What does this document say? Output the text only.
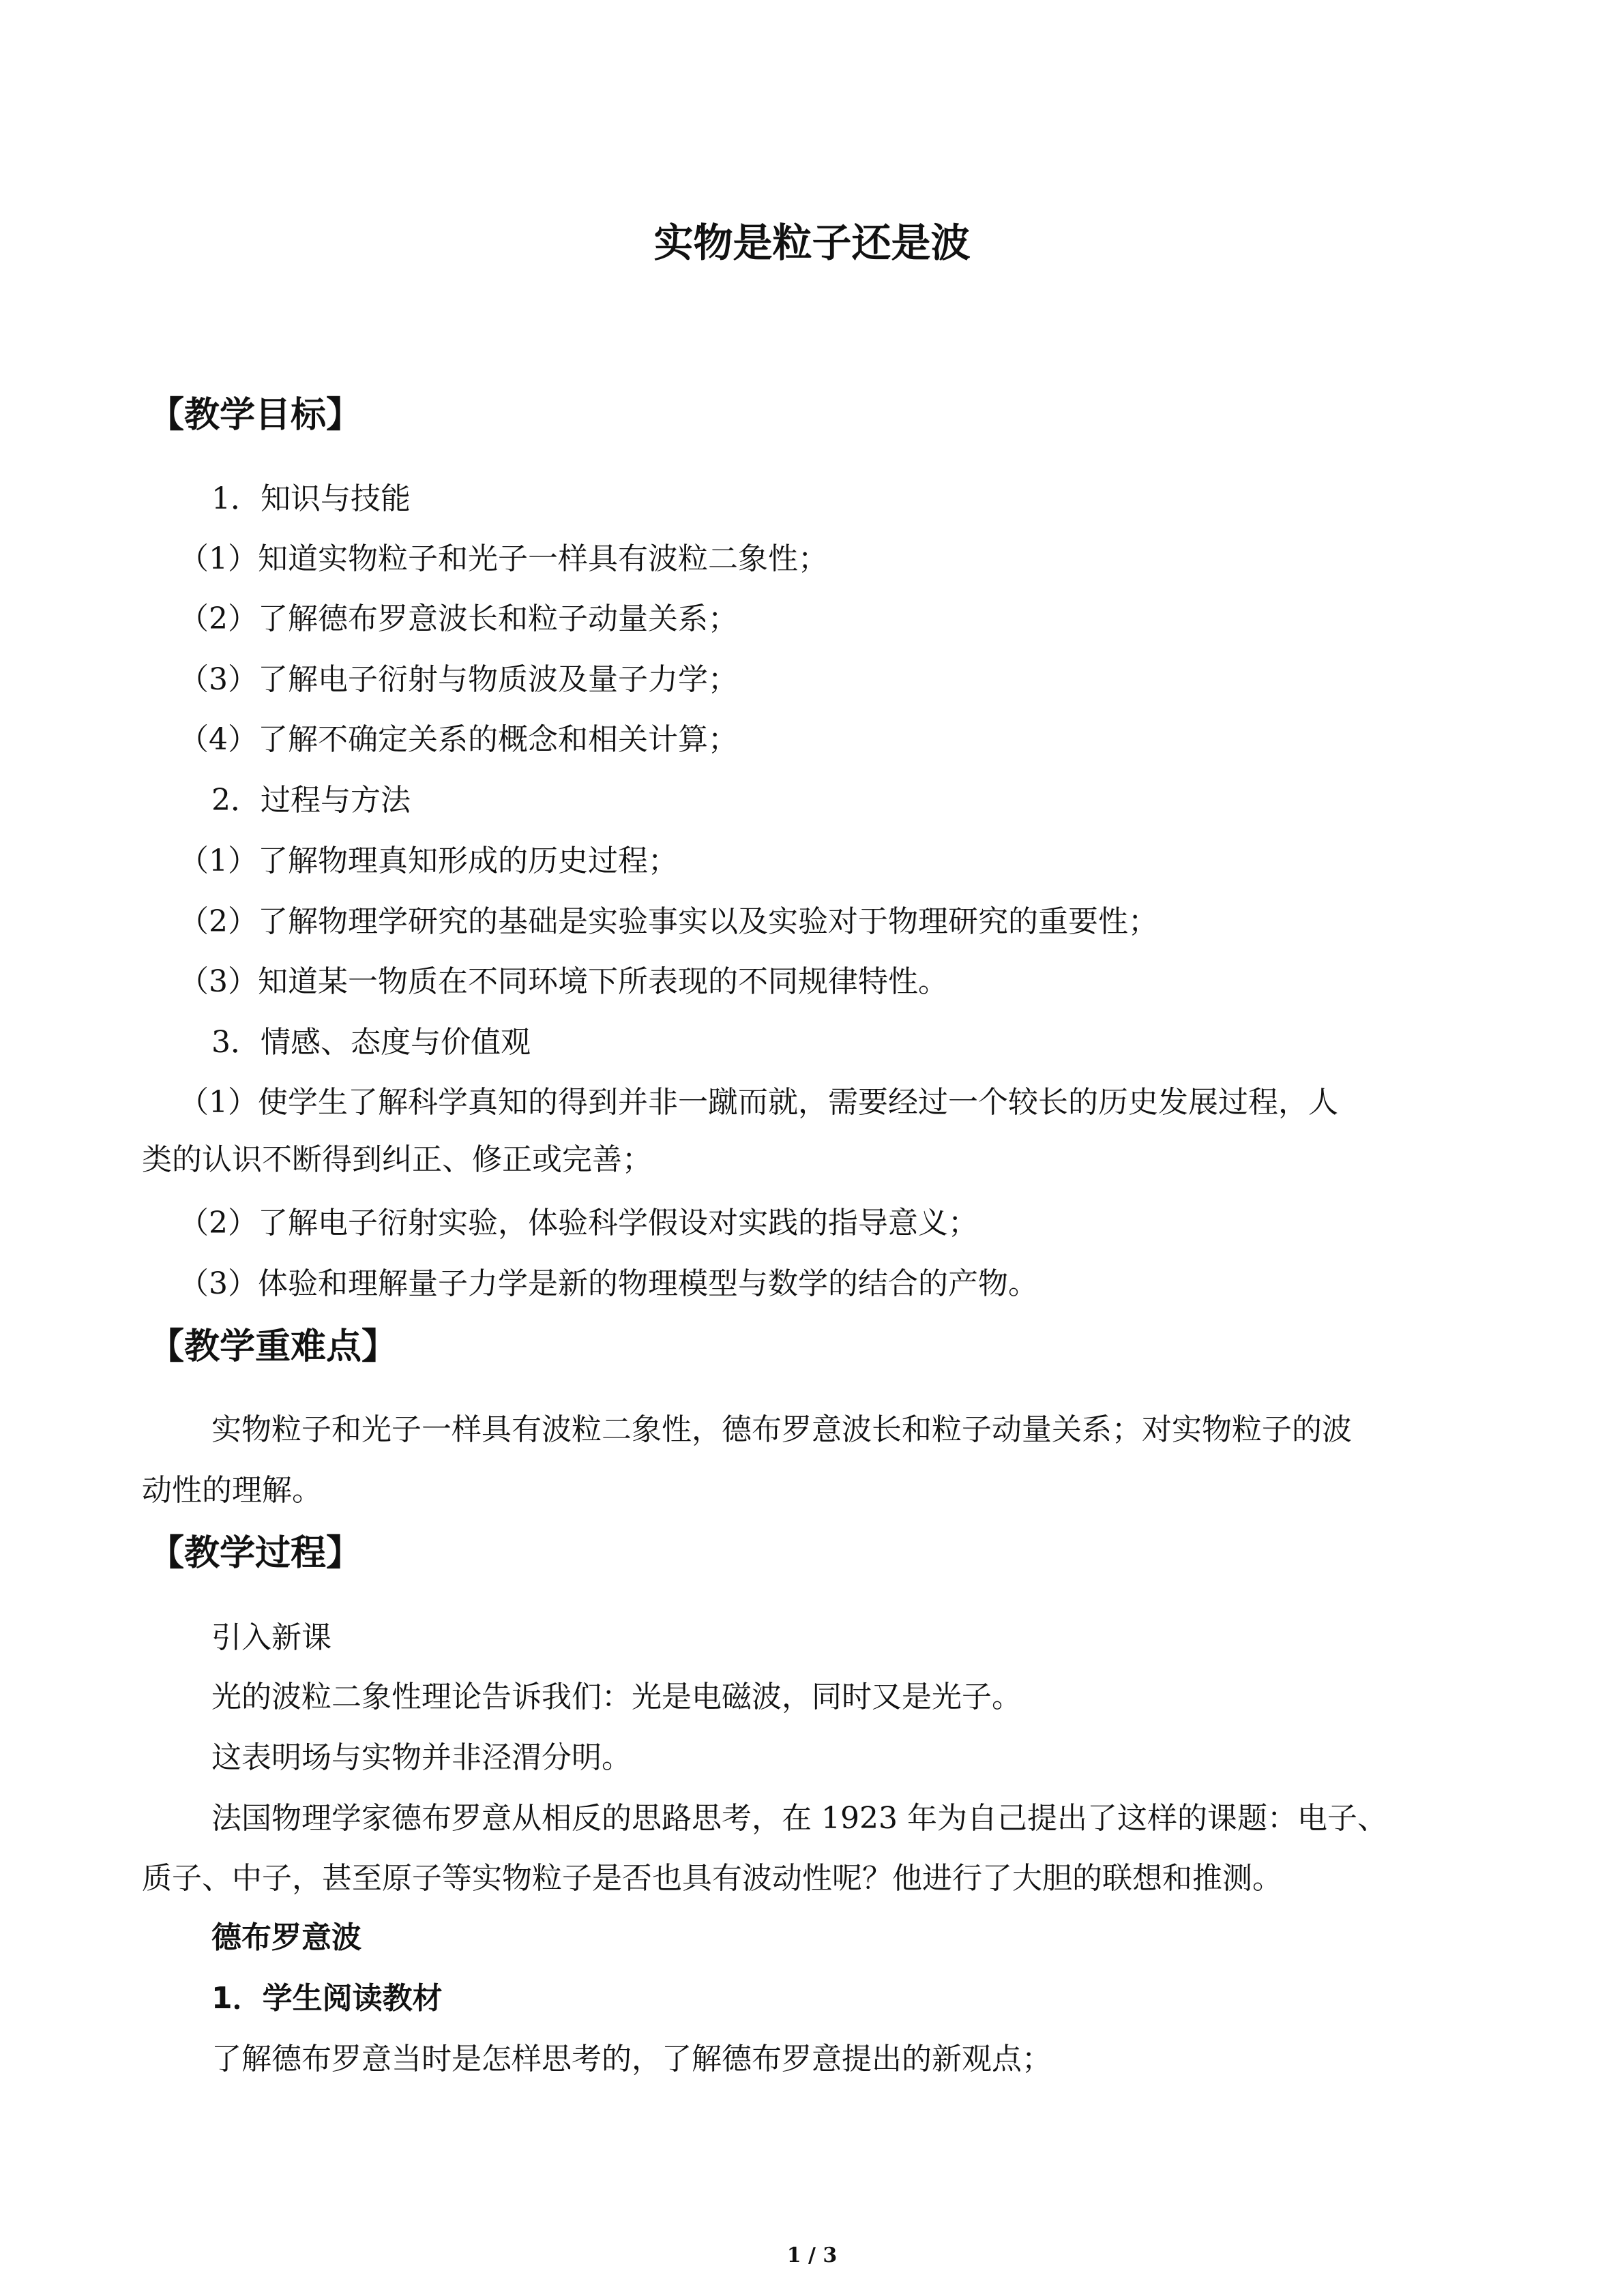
实物是粒子还是波
【教学目标】
1．知识与技能
（1）知道实物粒子和光子一样具有波粒二象性；
（2）了解德布罗意波长和粒子动量关系；
（3）了解电子衍射与物质波及量子力学；
（4）了解不确定关系的概念和相关计算；
2．过程与方法
（1）了解物理真知形成的历史过程；
（2）了解物理学研究的基础是实验事实以及实验对于物理研究的重要性；
（3）知道某一物质在不同环境下所表现的不同规律特性。
3．情感、态度与价值观
（1）使学生了解科学真知的得到并非一蹴而就，需要经过一个较长的历史发展过程，人
类的认识不断得到纠正、修正或完善；
（2）了解电子衍射实验，体验科学假设对实践的指导意义；
（3）体验和理解量子力学是新的物理模型与数学的结合的产物。
【教学重难点】
实物粒子和光子一样具有波粒二象性，德布罗意波长和粒子动量关系；对实物粒子的波
动性的理解。
【教学过程】
引入新课
光的波粒二象性理论告诉我们：光是电磁波，同时又是光子。
这表明场与实物并非泾渭分明。
法国物理学家德布罗意从相反的思路思考，在 1923 年为自己提出了这样的课题：电子、
质子、中子，甚至原子等实物粒子是否也具有波动性呢？他进行了大胆的联想和推测。
德布罗意波
1．学生阅读教材
了解德布罗意当时是怎样思考的，了解德布罗意提出的新观点；
1 / 3
